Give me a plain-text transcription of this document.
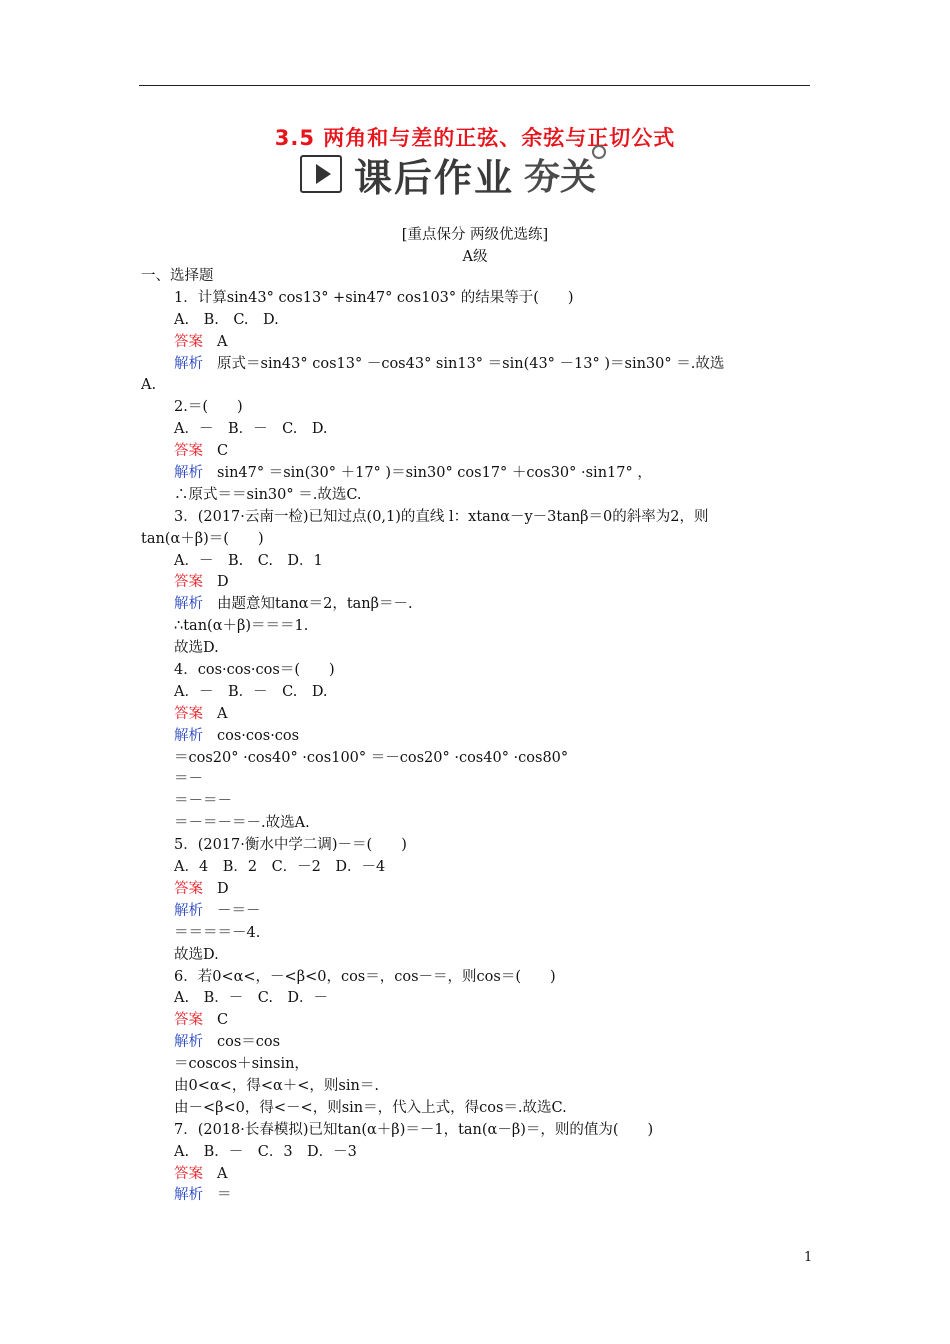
3.5 两角和与差的正弦、余弦与正切公式
课后作业 夯关
[重点保分 两级优选练]
A级
一、选择题
1．计算sin43° cos13° +sin47° cos103° 的结果等于(　　)
A.　B.　C.　D.
答案 A
解析 原式＝sin43° cos13° －cos43° sin13° ＝sin(43° －13° )＝sin30° ＝.故选
A.
2.＝(　　)
A．－　B．－　C.　D.
答案 C
解析 sin47° ＝sin(30° ＋17° )＝sin30° cos17° ＋cos30° ·sin17° ，
∴原式＝＝sin30° ＝.故选C.
3．(2017·云南一检)已知过点(0,1)的直线 l：xtanα－y－3tanβ＝0的斜率为2，则
tan(α＋β)＝(　　)
A．－　B.　C.　D．1
答案 D
解析 由题意知tanα＝2，tanβ＝－.
∴tan(α＋β)＝＝＝1.
故选D.
4．cos·cos·cos＝(　　)
A．－　B．－　C.　D.
答案 A
解析 cos·cos·cos
＝cos20° ·cos40° ·cos100° ＝－cos20° ·cos40° ·cos80°
＝－
＝－＝－
＝－＝－＝－.故选A.
5．(2017·衡水中学二调)－＝(　　)
A．4　B．2　C．－2　D．－4
答案 D
解析 －＝－
＝＝＝＝－4.
故选D.
6．若0<α<，－<β<0，cos＝，cos－＝，则cos＝(　　)
A.　B．－　C.　D．－
答案 C
解析 cos＝cos
＝coscos＋sinsin，
由0<α<，得<α＋<，则sin＝.
由－<β<0，得<－<，则sin＝，代入上式，得cos＝.故选C.
7．(2018·长春模拟)已知tan(α＋β)＝－1，tan(α－β)＝，则的值为(　　)
A.　B．－　C．3　D．－3
答案 A
解析 ＝
1
